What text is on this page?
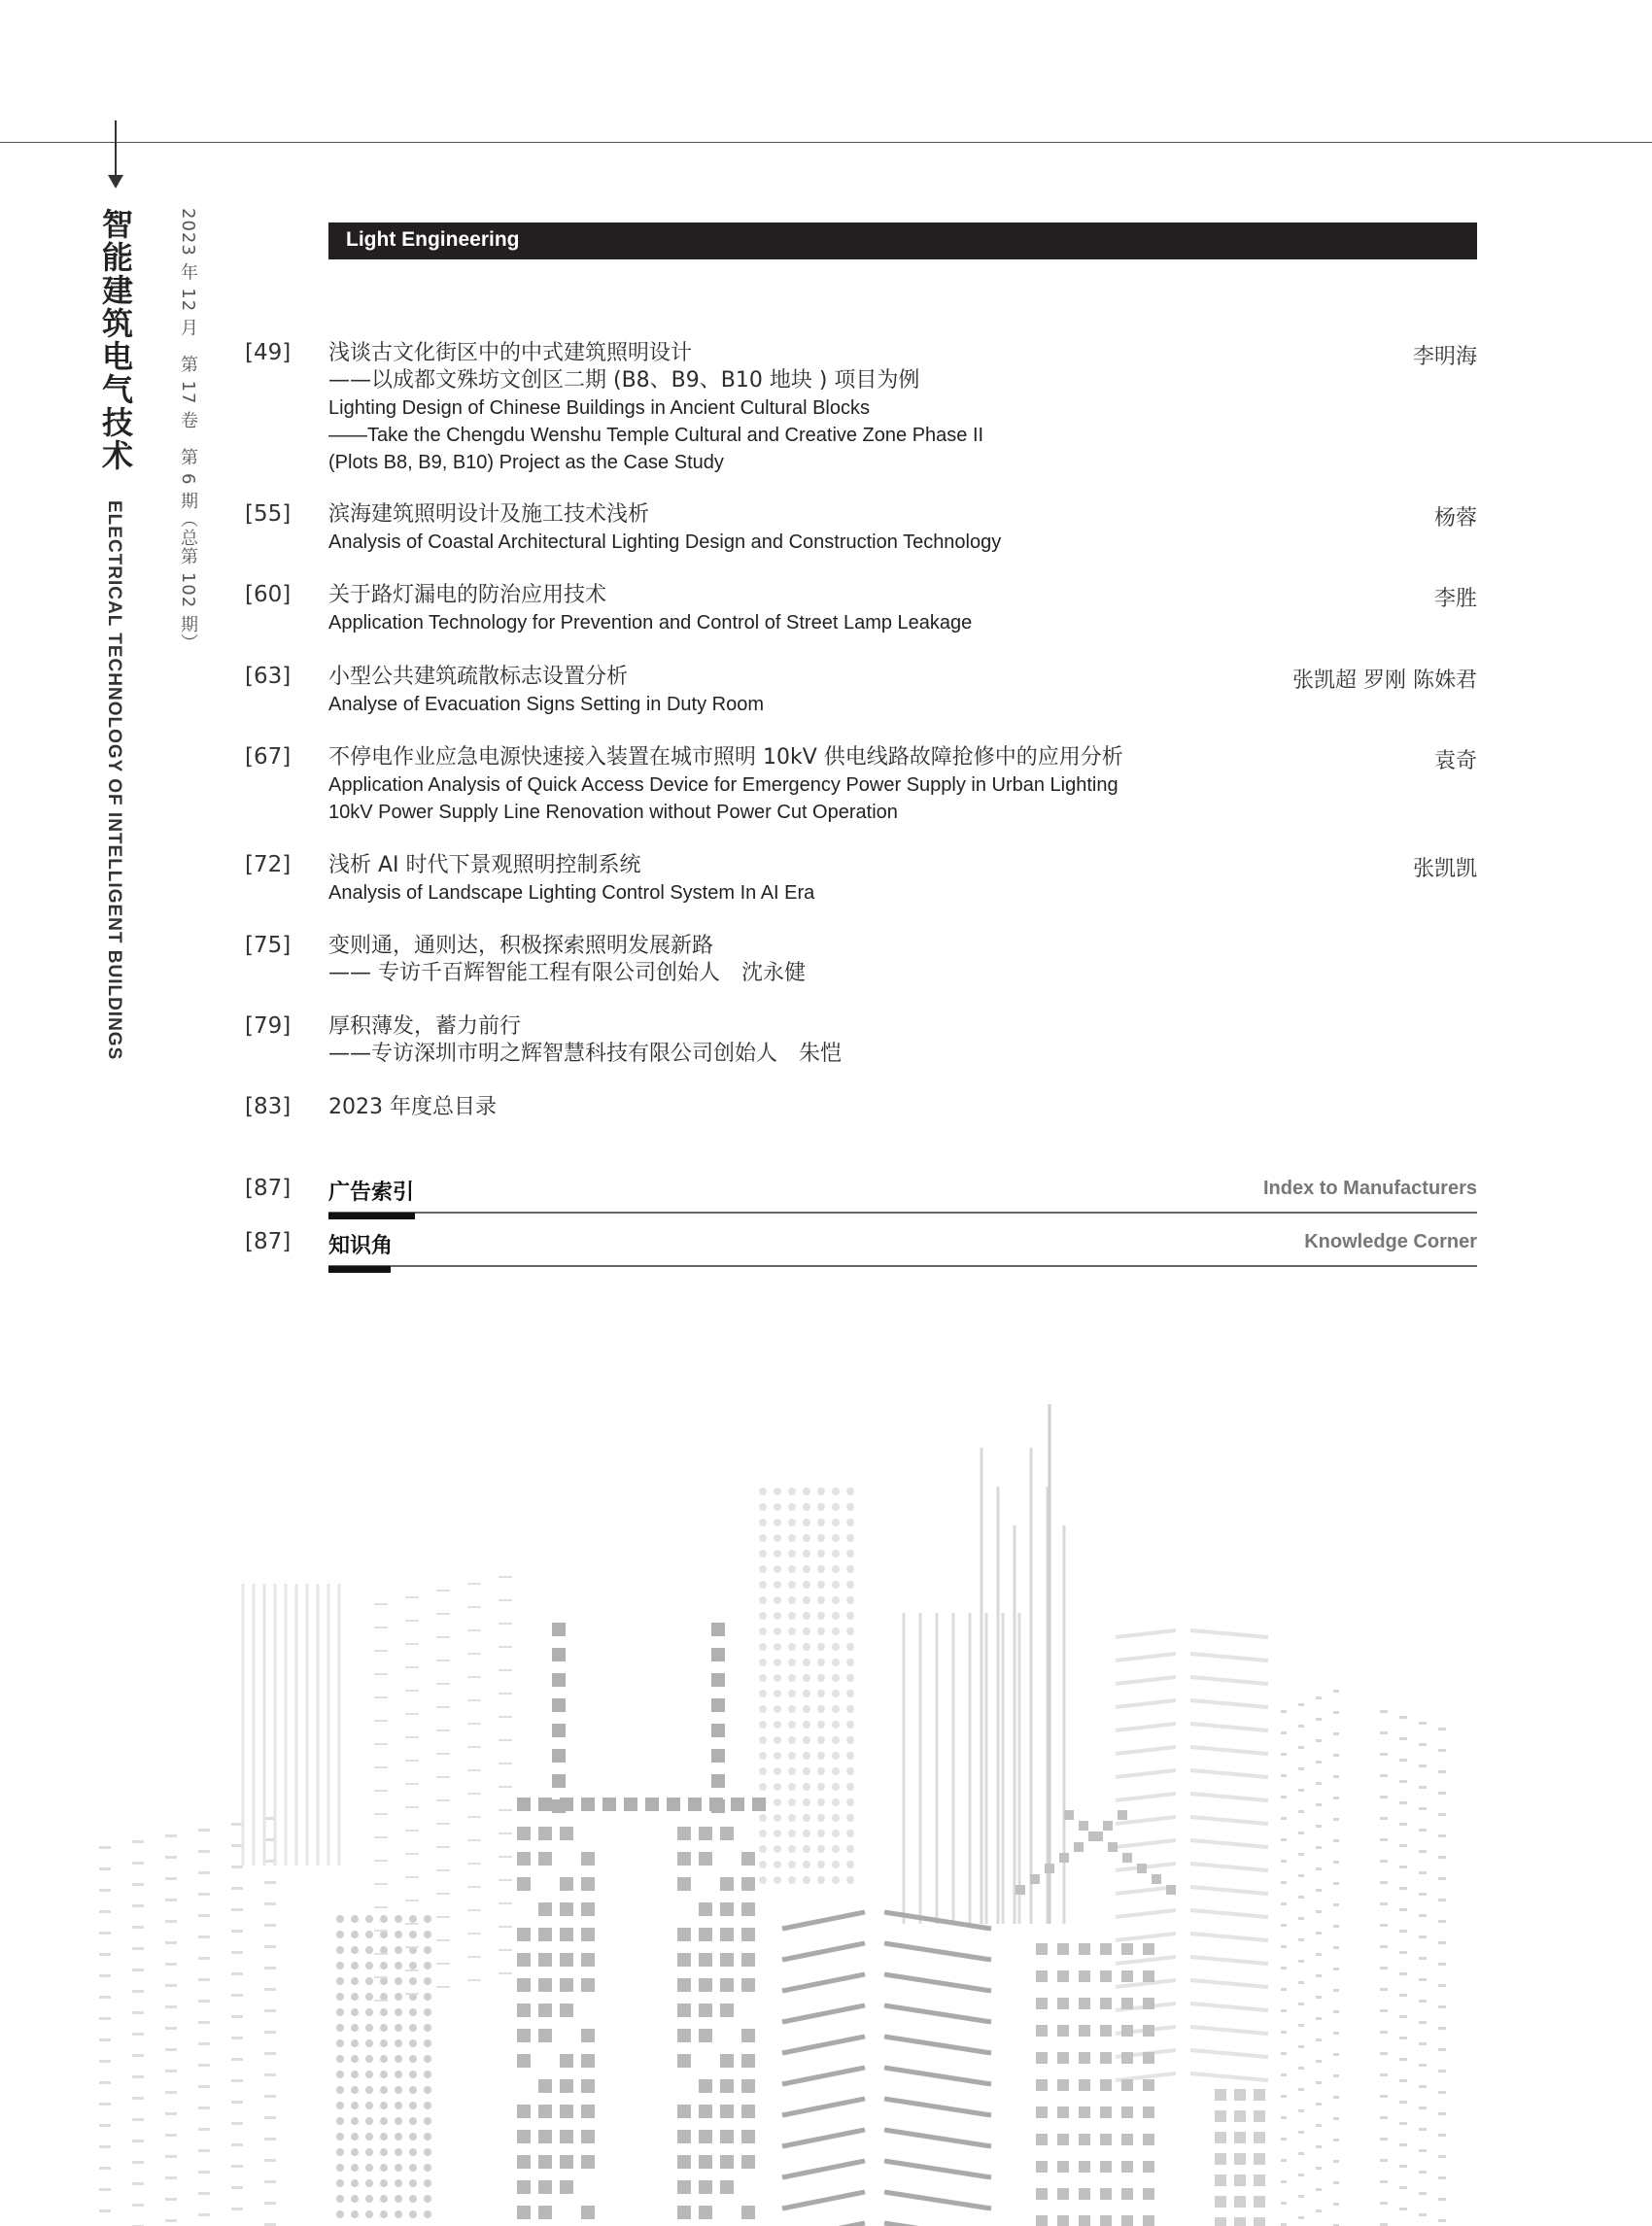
智能建筑电气技术
ELECTRICAL TECHNOLOGY OF INTELLIGENT BUILDINGS
2023 年 12 月　第 17 卷　第 6 期（总第 102 期）	Light Engineering
[49] 浅谈古文化街区中的中式建筑照明设计
——以成都文殊坊文创区二期 (B8、B9、B10 地块 ) 项目为例
Lighting Design of Chinese Buildings in Ancient Cultural Blocks
——Take the Chengdu Wenshu Temple Cultural and Creative Zone Phase II
(Plots B8, B9, B10) Project as the Case Study
李明海
[55] 滨海建筑照明设计及施工技术浅析
Analysis of Coastal Architectural Lighting Design and Construction Technology
杨蓉
[60] 关于路灯漏电的防治应用技术
Application Technology for Prevention and Control of Street Lamp Leakage
李胜
[63] 小型公共建筑疏散标志设置分析
Analyse of Evacuation Signs Setting in Duty Room
张凯超 罗刚 陈姝君
[67] 不停电作业应急电源快速接入装置在城市照明 10kV 供电线路故障抢修中的应用分析
Application Analysis of Quick Access Device for Emergency Power Supply in Urban Lighting
10kV Power Supply Line Renovation without Power Cut Operation
袁奇
[72] 浅析 AI 时代下景观照明控制系统
Analysis of Landscape Lighting Control System In AI Era
张凯凯
[75] 变则通，通则达，积极探索照明发展新路
—— 专访千百辉智能工程有限公司创始人　沈永健
[79] 厚积薄发，蓄力前行
——专访深圳市明之辉智慧科技有限公司创始人　朱恺
[83] 2023 年度总目录
[87] 广告索引	Index to Manufacturers
[87] 知识角	Knowledge Corner
